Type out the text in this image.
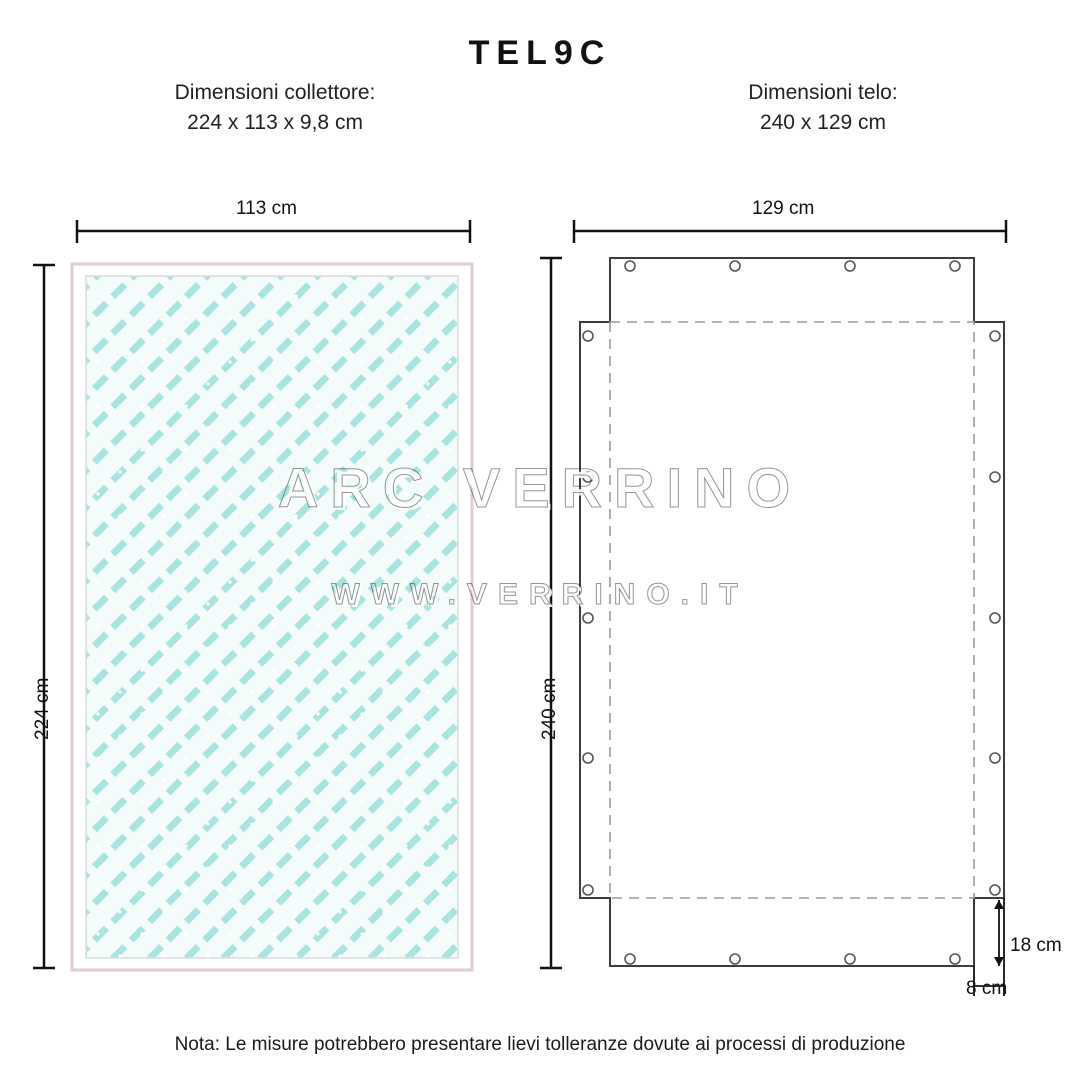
TEL9C
Dimensioni collettore:
224 x 113 x 9,8 cm
Dimensioni telo:
240 x 129 cm
113 cm
224 cm
129 cm
240 cm
18 cm
8 cm
ARC VERRINO
WWW.VERRINO.IT
Nota: Le misure potrebbero presentare lievi tolleranze dovute ai processi di produzione
